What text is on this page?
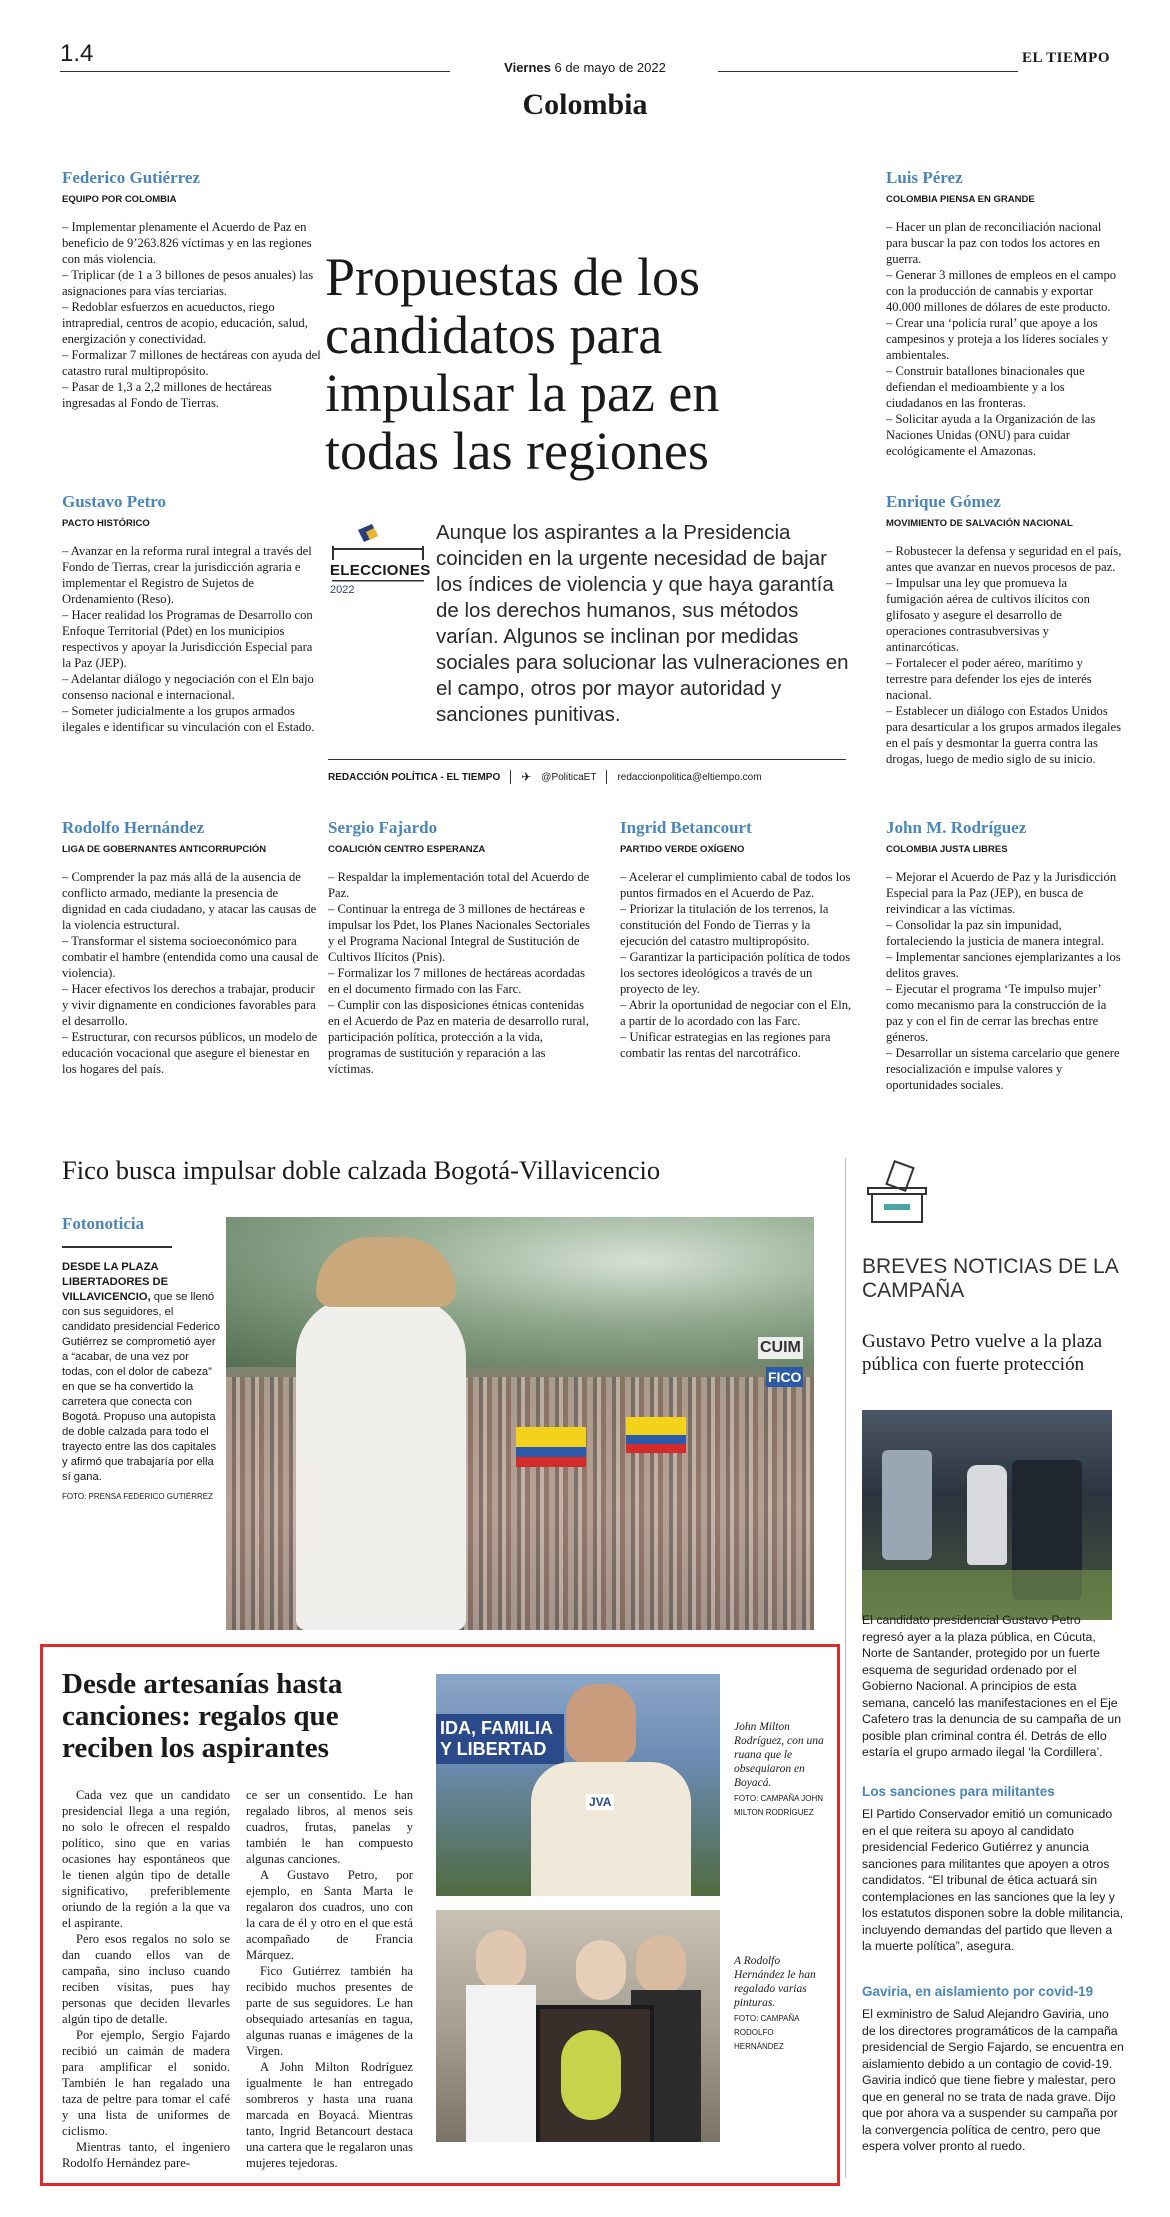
1.4
Viernes 6 de mayo de 2022
EL TIEMPO
Colombia
Federico Gutiérrez
EQUIPO POR COLOMBIA
– Implementar plenamente el Acuerdo de Paz en beneficio de 9’263.826 víctimas y en las regiones con más violencia.
– Triplicar (de 1 a 3 billones de pesos anuales) las asignaciones para vías terciarias.
– Redoblar esfuerzos en acueductos, riego intrapredial, centros de acopio, educación, salud, energización y conectividad.
– Formalizar 7 millones de hectáreas con ayuda del catastro rural multipropósito.
– Pasar de 1,3 a 2,2 millones de hectáreas ingresadas al Fondo de Tierras.
Gustavo Petro
PACTO HISTÓRICO
– Avanzar en la reforma rural integral a través del Fondo de Tierras, crear la jurisdicción agraria e implementar el Registro de Sujetos de Ordenamiento (Reso).
– Hacer realidad los Programas de Desarrollo con Enfoque Territorial (Pdet) en los municipios respectivos y apoyar la Jurisdicción Especial para la Paz (JEP).
– Adelantar diálogo y negociación con el Eln bajo consenso nacional e internacional.
– Someter judicialmente a los grupos armados ilegales e identificar su vinculación con el Estado.
Rodolfo Hernández
LIGA DE GOBERNANTES ANTICORRUPCIÓN
– Comprender la paz más allá de la ausencia de conflicto armado, mediante la presencia de dignidad en cada ciudadano, y atacar las causas de la violencia estructural.
– Transformar el sistema socioeconómico para combatir el hambre (entendida como una causal de violencia).
– Hacer efectivos los derechos a trabajar, producir y vivir dignamente en condiciones favorables para el desarrollo.
– Estructurar, con recursos públicos, un modelo de educación vocacional que asegure el bienestar en los hogares del país.
Sergio Fajardo
COALICIÓN CENTRO ESPERANZA
– Respaldar la implementación total del Acuerdo de Paz.
– Continuar la entrega de 3 millones de hectáreas e impulsar los Pdet, los Planes Nacionales Sectoriales y el Programa Nacional Integral de Sustitución de Cultivos Ilícitos (Pnis).
– Formalizar los 7 millones de hectáreas acordadas en el documento firmado con las Farc.
– Cumplir con las disposiciones étnicas contenidas en el Acuerdo de Paz en materia de desarrollo rural, participación política, protección a la vida, programas de sustitución y reparación a las víctimas.
Ingrid Betancourt
PARTIDO VERDE OXÍGENO
– Acelerar el cumplimiento cabal de todos los puntos firmados en el Acuerdo de Paz.
– Priorizar la titulación de los terrenos, la constitución del Fondo de Tierras y la ejecución del catastro multipropósito.
– Garantizar la participación política de todos los sectores ideológicos a través de un proyecto de ley.
– Abrir la oportunidad de negociar con el Eln, a partir de lo acordado con las Farc.
– Unificar estrategias en las regiones para combatir las rentas del narcotráfico.
Luis Pérez
COLOMBIA PIENSA EN GRANDE
– Hacer un plan de reconciliación nacional para buscar la paz con todos los actores en guerra.
– Generar 3 millones de empleos en el campo con la producción de cannabis y exportar 40.000 millones de dólares de este producto.
– Crear una ‘policía rural’ que apoye a los campesinos y proteja a los líderes sociales y ambientales.
– Construir batallones binacionales que defiendan el medioambiente y a los ciudadanos en las fronteras.
– Solicitar ayuda a la Organización de las Naciones Unidas (ONU) para cuidar ecológicamente el Amazonas.
Enrique Gómez
MOVIMIENTO DE SALVACIÓN NACIONAL
– Robustecer la defensa y seguridad en el país, antes que avanzar en nuevos procesos de paz.
– Impulsar una ley que promueva la fumigación aérea de cultivos ilícitos con glifosato y asegure el desarrollo de operaciones contrasubversivas y antinarcóticas.
– Fortalecer el poder aéreo, marítimo y terrestre para defender los ejes de interés nacional.
– Establecer un diálogo con Estados Unidos para desarticular a los grupos armados ilegales en el país y desmontar la guerra contra las drogas, luego de medio siglo de su inicio.
John M. Rodríguez
COLOMBIA JUSTA LIBRES
– Mejorar el Acuerdo de Paz y la Jurisdicción Especial para la Paz (JEP), en busca de reivindicar a las víctimas.
– Consolidar la paz sin impunidad, fortaleciendo la justicia de manera integral.
– Implementar sanciones ejemplarizantes a los delitos graves.
– Ejecutar el programa ‘Te impulso mujer’ como mecanismo para la construcción de la paz y con el fin de cerrar las brechas entre géneros.
– Desarrollar un sistema carcelario que genere resocialización e impulse valores y oportunidades sociales.
Propuestas de los candidatos para impulsar la paz en todas las regiones
ELECCIONES
2022
Aunque los aspirantes a la Presidencia coinciden en la urgente necesidad de bajar los índices de violencia y que haya garantía de los derechos humanos, sus métodos varían. Algunos se inclinan por medidas sociales para solucionar las vulneraciones en el campo, otros por mayor autoridad y sanciones punitivas.
REDACCIÓN POLÍTICA - EL TIEMPO ✈ @PoliticaET redaccionpolitica@eltiempo.com
Fico busca impulsar doble calzada Bogotá-Villavicencio
Fotonoticia
DESDE LA PLAZA LIBERTADORES DE VILLAVICENCIO, que se llenó con sus seguidores, el candidato presidencial Federico Gutiérrez se comprometió ayer a “acabar, de una vez por todas, con el dolor de cabeza” en que se ha convertido la carretera que conecta con Bogotá. Propuso una autopista de doble calzada para todo el trayecto entre las dos capitales y afirmó que trabajaría por ella sí gana.
FOTO: PRENSA FEDERICO GUTIÉRREZ
CUIM
FICO
BREVES NOTICIAS DE LA CAMPAÑA
Gustavo Petro vuelve a la plaza pública con fuerte protección
El candidato presidencial Gustavo Petro regresó ayer a la plaza pública, en Cúcuta, Norte de Santander, protegido por un fuerte esquema de seguridad ordenado por el Gobierno Nacional. A principios de esta semana, canceló las manifestaciones en el Eje Cafetero tras la denuncia de su campaña de un posible plan criminal contra él. Detrás de ello estaría el grupo armado ilegal ‘la Cordillera’.
Los sanciones para militantes
El Partido Conservador emitió un comunicado en el que reitera su apoyo al candidato presidencial Federico Gutiérrez y anuncia sanciones para militantes que apoyen a otros candidatos. “El tribunal de ética actuará sin contemplaciones en las sanciones que la ley y los estatutos disponen sobre la doble militancia, incluyendo demandas del partido que lleven a la muerte política”, asegura.
Gaviria, en aislamiento por covid-19
El exministro de Salud Alejandro Gaviria, uno de los directores programáticos de la campaña presidencial de Sergio Fajardo, se encuentra en aislamiento debido a un contagio de covid-19. Gaviria indicó que tiene fiebre y malestar, pero que en general no se trata de nada grave. Dijo que por ahora va a suspender su campaña por la convergencia política de centro, pero que espera volver pronto al ruedo.
Desde artesanías hasta canciones: regalos que reciben los aspirantes

Cada vez que un candidato presidencial llega a una región, no solo le ofrecen el respaldo político, sino que en varias ocasiones hay espontáneos que le tienen algún tipo de detalle significativo, preferiblemente oriundo de la región a la que va el aspirante.

Pero esos regalos no solo se dan cuando ellos van de campaña, sino incluso cuando reciben visitas, pues hay personas que deciden llevarles algún tipo de detalle.

Por ejemplo, Sergio Fajardo recibió un caimán de madera para amplificar el sonido. También le han regalado una taza de peltre para tomar el café y una lista de uniformes de ciclismo.

Mientras tanto, el ingeniero Rodolfo Hernández pare-

ce ser un consentido. Le han regalado libros, al menos seis cuadros, frutas, panelas y también le han compuesto algunas canciones.

A Gustavo Petro, por ejemplo, en Santa Marta le regalaron dos cuadros, uno con la cara de él y otro en el que está acompañado de Francia Márquez.

Fico Gutiérrez también ha recibido muchos presentes de parte de sus seguidores. Le han obsequiado artesanías en tagua, algunas ruanas e imágenes de la Virgen.

A John Milton Rodríguez igualmente le han entregado sombreros y hasta una ruana marcada en Boyacá. Mientras tanto, Ingrid Betancourt destaca una cartera que le regalaron unas mujeres tejedoras.

IDA, FAMILIA Y LIBERTAD
JVA
John Milton Rodríguez, con una ruana que le obsequiaron en Boyacá.
FOTO: CAMPAÑA JOHN MILTON RODRÍGUEZ
A Rodolfo Hernández le han regalado varias pinturas.
FOTO: CAMPAÑA RODOLFO HERNÁNDEZ
